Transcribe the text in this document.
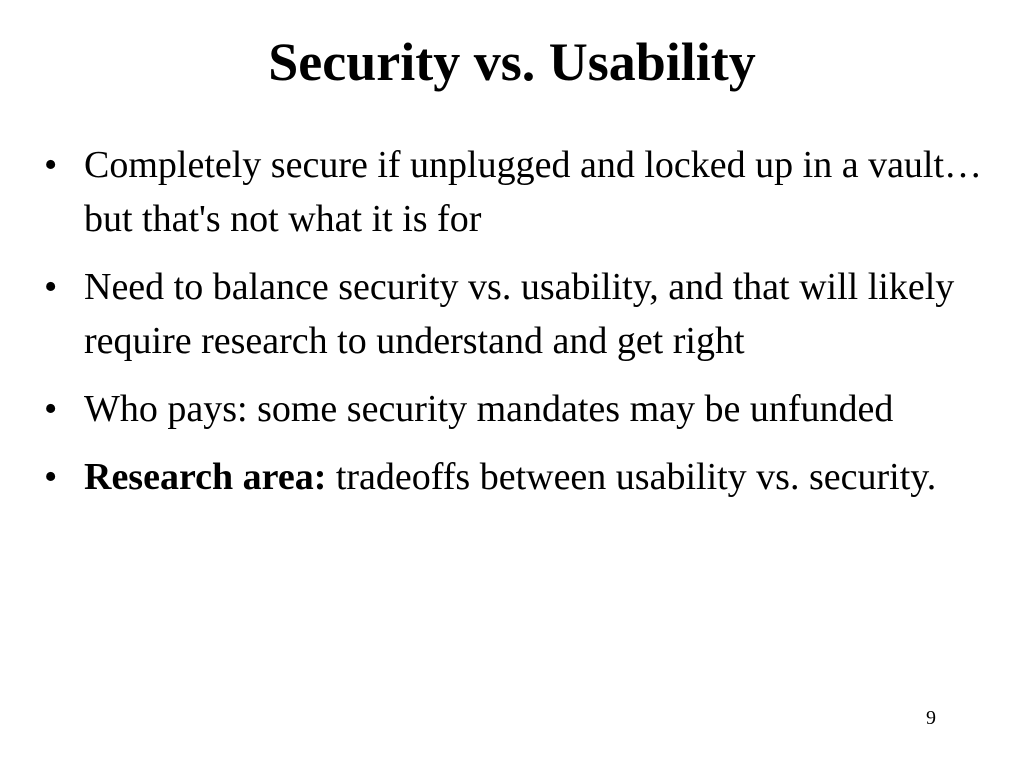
Security vs. Usability
• Completely secure if unplugged and locked up in a vault… but that's not what it is for
• Need to balance security vs. usability, and that will likely require research to understand and get right
• Who pays: some security mandates may be unfunded
• Research area: tradeoffs between usability vs. security.
9
